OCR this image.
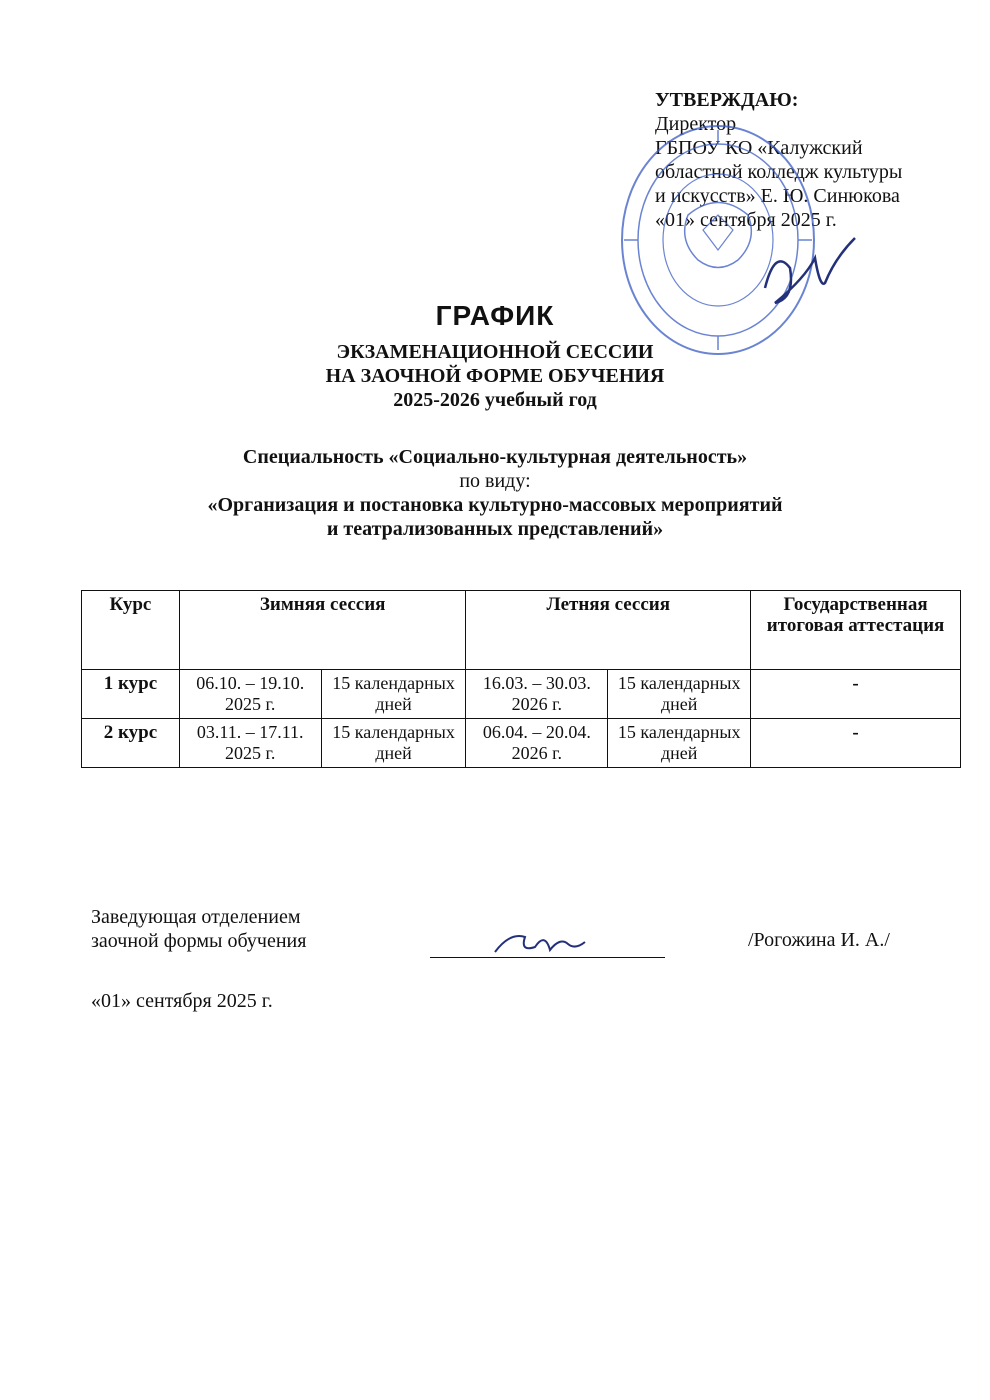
УТВЕРЖДАЮ:
Директор
ГБПОУ КО «Калужский
областной колледж культуры
и искусств» Е. Ю. Синюкова
«01» сентября 2025 г.
ГРАФИК
ЭКЗАМЕНАЦИОННОЙ СЕССИИ
НА ЗАОЧНОЙ ФОРМЕ ОБУЧЕНИЯ
2025-2026 учебный год
Специальность «Социально-культурная деятельность»
по виду:
«Организация и постановка культурно-массовых мероприятий
и театрализованных представлений»
Курс	Зимняя сессия		Летняя сессия		Государственная итоговая аттестация
1 курс	06.10. – 19.10. 2025 г.	15 календарных дней	16.03. – 30.03. 2026 г.	15 календарных дней	-
2 курс	03.11. – 17.11. 2025 г.	15 календарных дней	06.04. – 20.04. 2026 г.	15 календарных дней	-
Заведующая отделением
заочной формы обучения	/Рогожина И. А./
«01» сентября 2025 г.
